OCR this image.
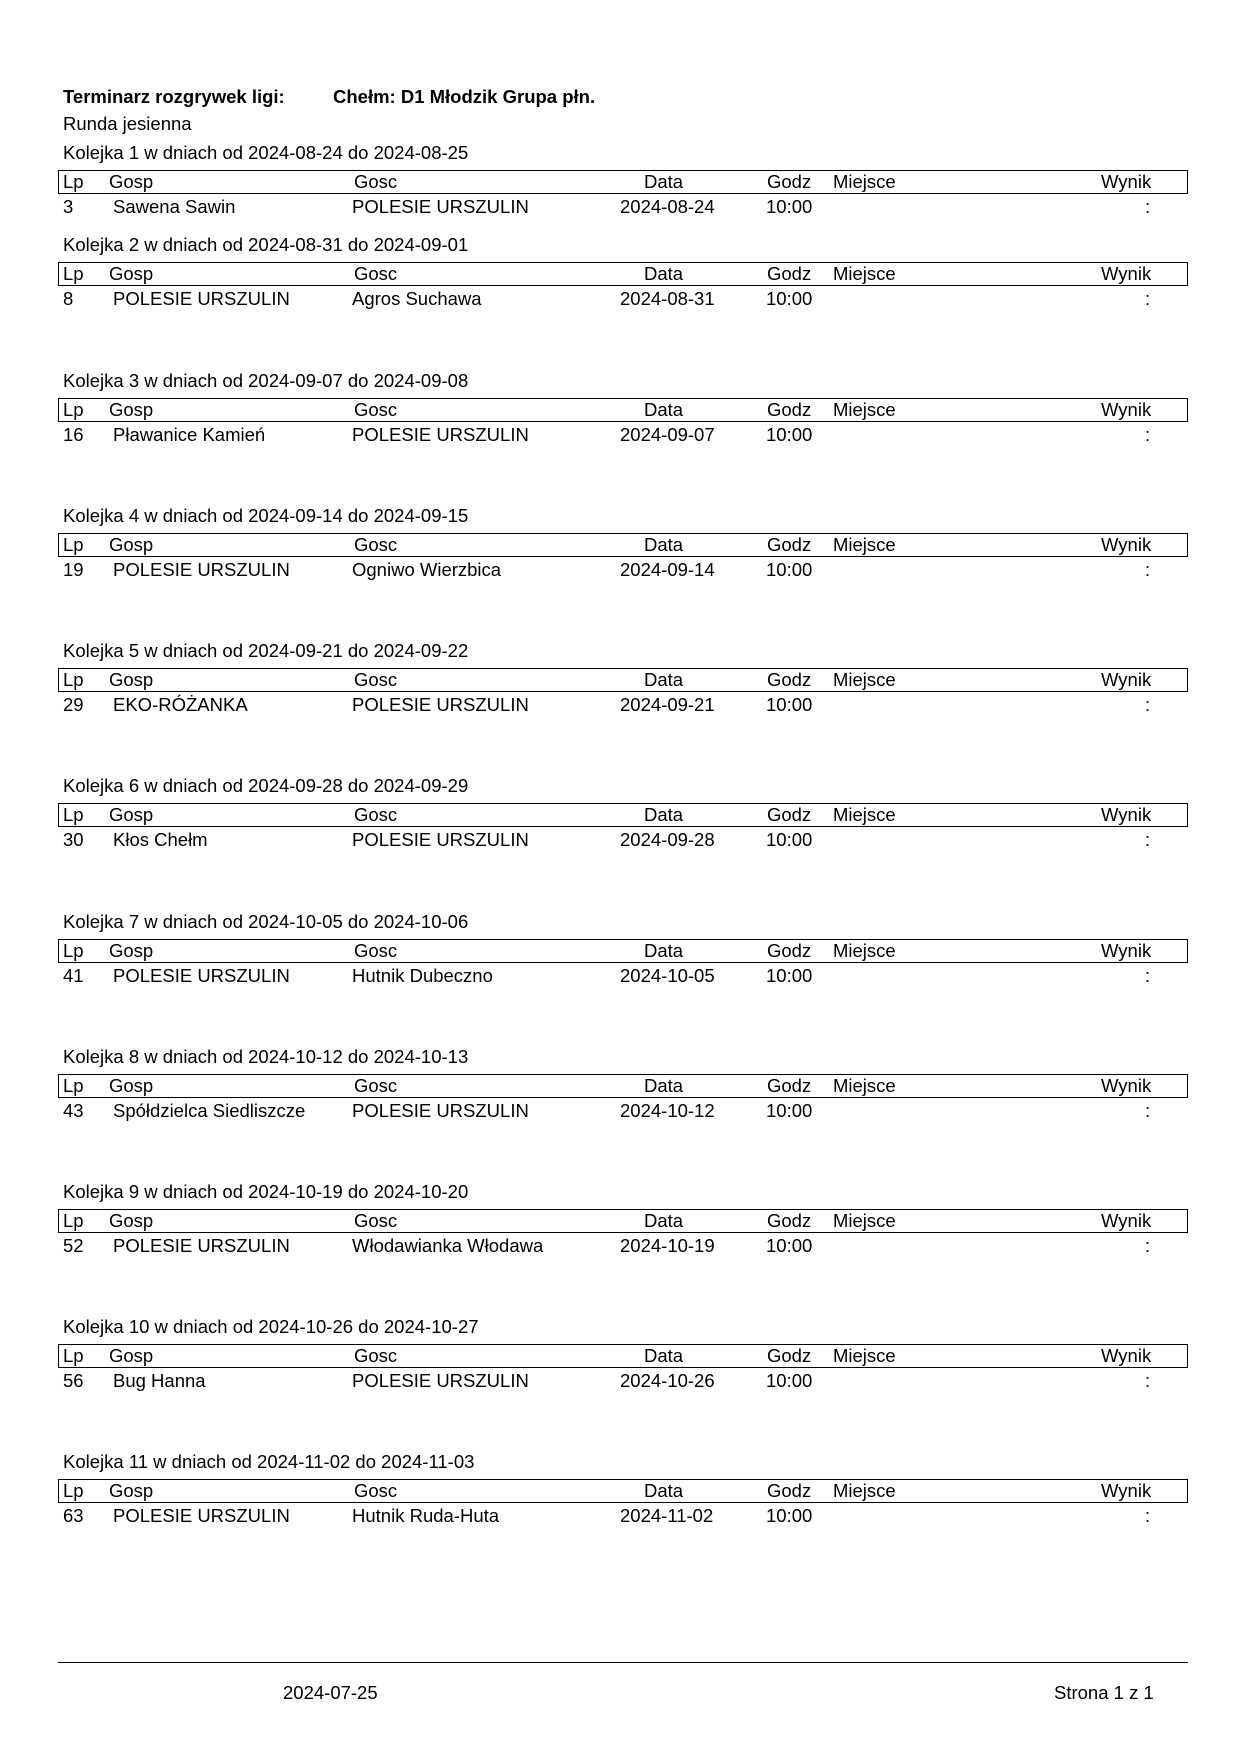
Terminarz rozgrywek ligi:	Chełm: D1 Młodzik Grupa płn.
Runda jesienna
Kolejka 1 w dniach od 2024-08-24 do 2024-08-25
Lp Gosp	Gosc	Data	Godz Miejsce	Wynik
3 Sawena Sawin	POLESIE URSZULIN	2024-08-24	10:00	:
Kolejka 2 w dniach od 2024-08-31 do 2024-09-01
Lp Gosp	Gosc	Data	Godz Miejsce	Wynik
8 POLESIE URSZULIN	Agros Suchawa	2024-08-31	10:00	:
Kolejka 3 w dniach od 2024-09-07 do 2024-09-08
Lp Gosp	Gosc	Data	Godz Miejsce	Wynik
16 Pławanice Kamień	POLESIE URSZULIN	2024-09-07	10:00	:
Kolejka 4 w dniach od 2024-09-14 do 2024-09-15
Lp Gosp	Gosc	Data	Godz Miejsce	Wynik
19 POLESIE URSZULIN	Ogniwo Wierzbica	2024-09-14	10:00	:
Kolejka 5 w dniach od 2024-09-21 do 2024-09-22
Lp Gosp	Gosc	Data	Godz Miejsce	Wynik
29 EKO-RÓŻANKA	POLESIE URSZULIN	2024-09-21	10:00	:
Kolejka 6 w dniach od 2024-09-28 do 2024-09-29
Lp Gosp	Gosc	Data	Godz Miejsce	Wynik
30 Kłos Chełm	POLESIE URSZULIN	2024-09-28	10:00	:
Kolejka 7 w dniach od 2024-10-05 do 2024-10-06
Lp Gosp	Gosc	Data	Godz Miejsce	Wynik
41 POLESIE URSZULIN	Hutnik Dubeczno	2024-10-05	10:00	:
Kolejka 8 w dniach od 2024-10-12 do 2024-10-13
Lp Gosp	Gosc	Data	Godz Miejsce	Wynik
43 Spółdzielca Siedliszcze	POLESIE URSZULIN	2024-10-12	10:00	:
Kolejka 9 w dniach od 2024-10-19 do 2024-10-20
Lp Gosp	Gosc	Data	Godz Miejsce	Wynik
52 POLESIE URSZULIN	Włodawianka Włodawa	2024-10-19	10:00	:
Kolejka 10 w dniach od 2024-10-26 do 2024-10-27
Lp Gosp	Gosc	Data	Godz Miejsce	Wynik
56 Bug Hanna	POLESIE URSZULIN	2024-10-26	10:00	:
Kolejka 11 w dniach od 2024-11-02 do 2024-11-03
Lp Gosp	Gosc	Data	Godz Miejsce	Wynik
63 POLESIE URSZULIN	Hutnik Ruda-Huta	2024-11-02	10:00	:
2024-07-25	Strona 1 z 1
